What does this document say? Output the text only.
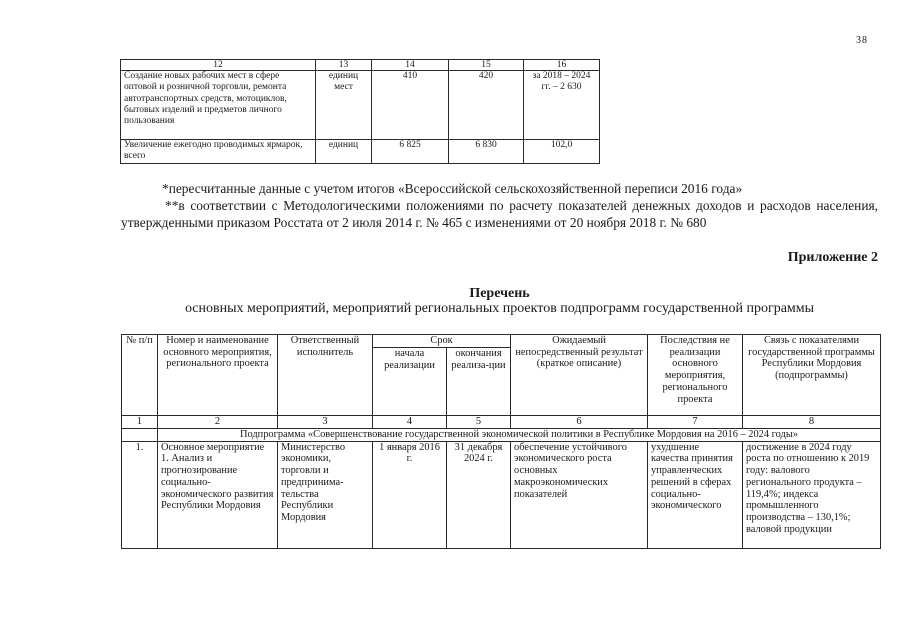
38
12	13	14	15	16
Создание новых рабочих мест в сфере оптовой и розничной торговли, ремонта автотранспортных средств, мотоциклов, бытовых изделий и предметов личного пользования	единиц мест	410	420	за 2018 – 2024 гг. – 2 630
Увеличение ежегодно проводимых ярмарок, всего	единиц	6 825	6 830	102,0
*пересчитанные данные с учетом итогов «Всероссийской сельскохозяйственной переписи 2016 года»
**в соответствии с Методологическими положениями по расчету показателей денежных доходов и расходов населения, утвержденными приказом Росстата от 2 июля 2014 г. № 465 с изменениями от 20 ноября 2018 г. № 680
Приложение 2
Перечень
основных мероприятий, мероприятий региональных проектов подпрограмм государственной программы
№ п/п	Номер и наименование основного мероприятия, регионального проекта	Ответственный исполнитель	Срок		Ожидаемый непосредственный результат (краткое описание)	Последствия не реализации основного мероприятия, регионального проекта	Связь с показателями государственной программы Республики Мордовия (подпрограммы)
			начала реализации	окончания реализа-ции			
1	2	3	4	5	6	7	8
	Подпрограмма «Совершенствование государственной экономической политики в Республике Мордовия на 2016 – 2024 годы»						
1.	Основное мероприятие 1. Анализ и прогнозирование социально-экономического развития Республики Мордовия	Министерство экономики, торговли и предпринима-тельства Республики Мордовия	1 января 2016 г.	31 декабря 2024 г.	обеспечение устойчивого экономического роста основных макроэкономических показателей	ухудшение качества принятия управленческих решений в сферах социально-экономического	достижение в 2024 году роста по отношению к 2019 году: валового регионального продукта – 119,4%; индекса промышленного производства – 130,1%; валовой продукции
